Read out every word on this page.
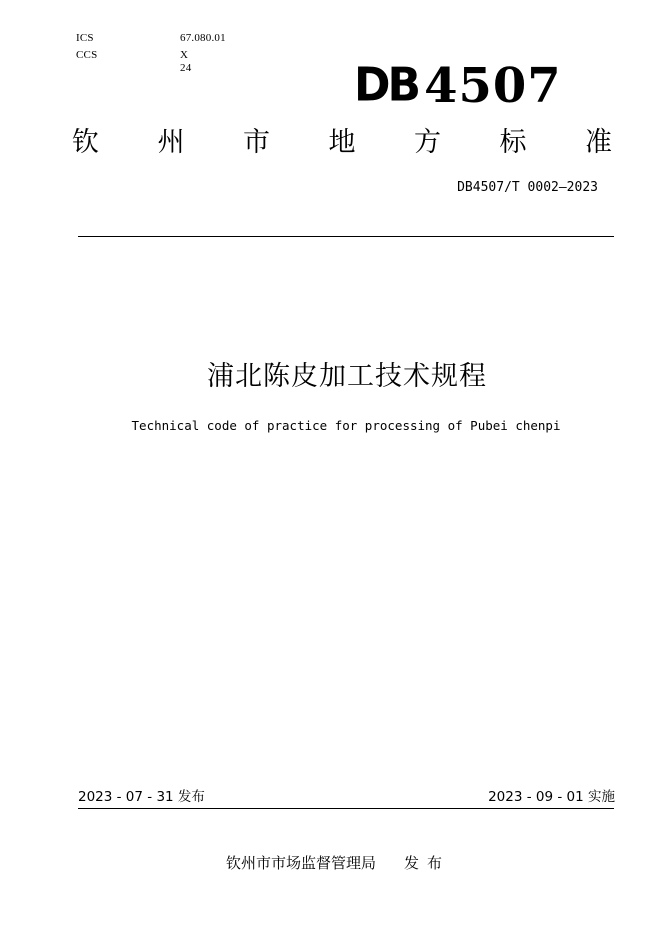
ICS	67.080.01
CCS	X 24	DB 4507
钦 州 市 地 方 标 准
DB4507/T 0002—2023
浦北陈皮加工技术规程
Technical code of practice for processing of Pubei chenpi
2023 - 07 - 31 发布	2023 - 09 - 01 实施
钦州市市场监督管理局 发布
